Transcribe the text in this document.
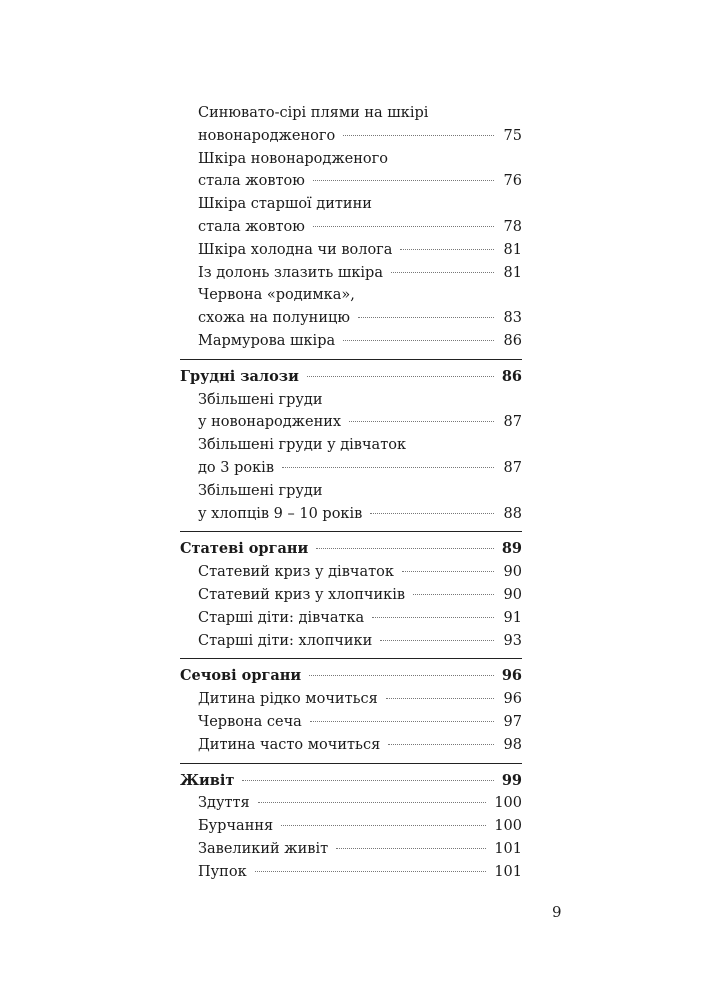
Синювато-сірі плями на шкірі
новонародженого	75
Шкіра новонародженого
стала жовтою	76
Шкіра старшої дитини
стала жовтою	78
Шкіра холодна чи волога	81
Із долонь злазить шкіра	81
Червона «родимка»,
схожа на полуницю	83
Мармурова шкіра	86
Грудні залози	86
Збільшені груди
у новонароджених	87
Збільшені груди у дівчаток
до 3 років	87
Збільшені груди
у хлопців 9 – 10 років	88
Статеві органи	89
Статевий криз у дівчаток	90
Статевий криз у хлопчиків	90
Старші діти: дівчатка	91
Старші діти: хлопчики	93
Сечові органи	96
Дитина рідко мочиться	96
Червона сеча	97
Дитина часто мочиться	98
Живіт	99
Здуття	100
Бурчання	100
Завеликий живіт	101
Пупок	101
9
